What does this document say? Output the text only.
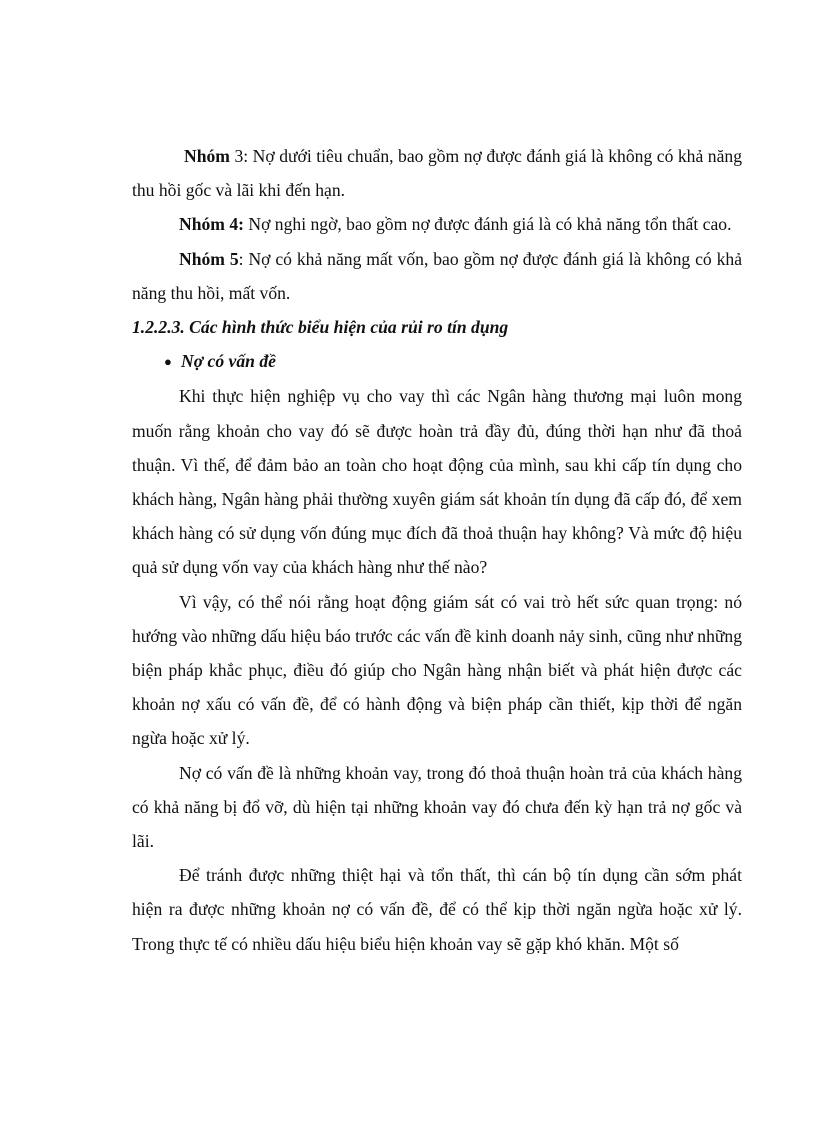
Nhóm 3: Nợ dưới tiêu chuẩn, bao gồm nợ được đánh giá là không có khả năng thu hồi gốc và lãi khi đến hạn.

Nhóm 4: Nợ nghi ngờ, bao gồm nợ được đánh giá là có khả năng tổn thất cao.

Nhóm 5: Nợ có khả năng mất vốn, bao gồm nợ được đánh giá là không có khả năng thu hồi, mất vốn.

1.2.2.3. Các hình thức biểu hiện của rủi ro tín dụng

● Nợ có vấn đề

Khi thực hiện nghiệp vụ cho vay thì các Ngân hàng thương mại luôn mong muốn rằng khoản cho vay đó sẽ được hoàn trả đầy đủ, đúng thời hạn như đã thoả thuận. Vì thế, để đảm bảo an toàn cho hoạt động của mình, sau khi cấp tín dụng cho khách hàng, Ngân hàng phải thường xuyên giám sát khoản tín dụng đã cấp đó, để xem khách hàng có sử dụng vốn đúng mục đích đã thoả thuận hay không? Và mức độ hiệu quả sử dụng vốn vay của khách hàng như thế nào?

Vì vậy, có thể nói rằng hoạt động giám sát có vai trò hết sức quan trọng: nó hướng vào những dấu hiệu báo trước các vấn đề kinh doanh nảy sinh, cũng như những biện pháp khắc phục, điều đó giúp cho Ngân hàng nhận biết và phát hiện được các khoản nợ xấu có vấn đề, để có hành động và biện pháp cần thiết, kịp thời để ngăn ngừa hoặc xử lý.

Nợ có vấn đề là những khoản vay, trong đó thoả thuận hoàn trả của khách hàng có khả năng bị đổ vỡ, dù hiện tại những khoản vay đó chưa đến kỳ hạn trả nợ gốc và lãi.

Để tránh được những thiệt hại và tổn thất, thì cán bộ tín dụng cần sớm phát hiện ra được những khoản nợ có vấn đề, để có thể kịp thời ngăn ngừa hoặc xử lý. Trong thực tế có nhiều dấu hiệu biểu hiện khoản vay sẽ gặp khó khăn. Một số
